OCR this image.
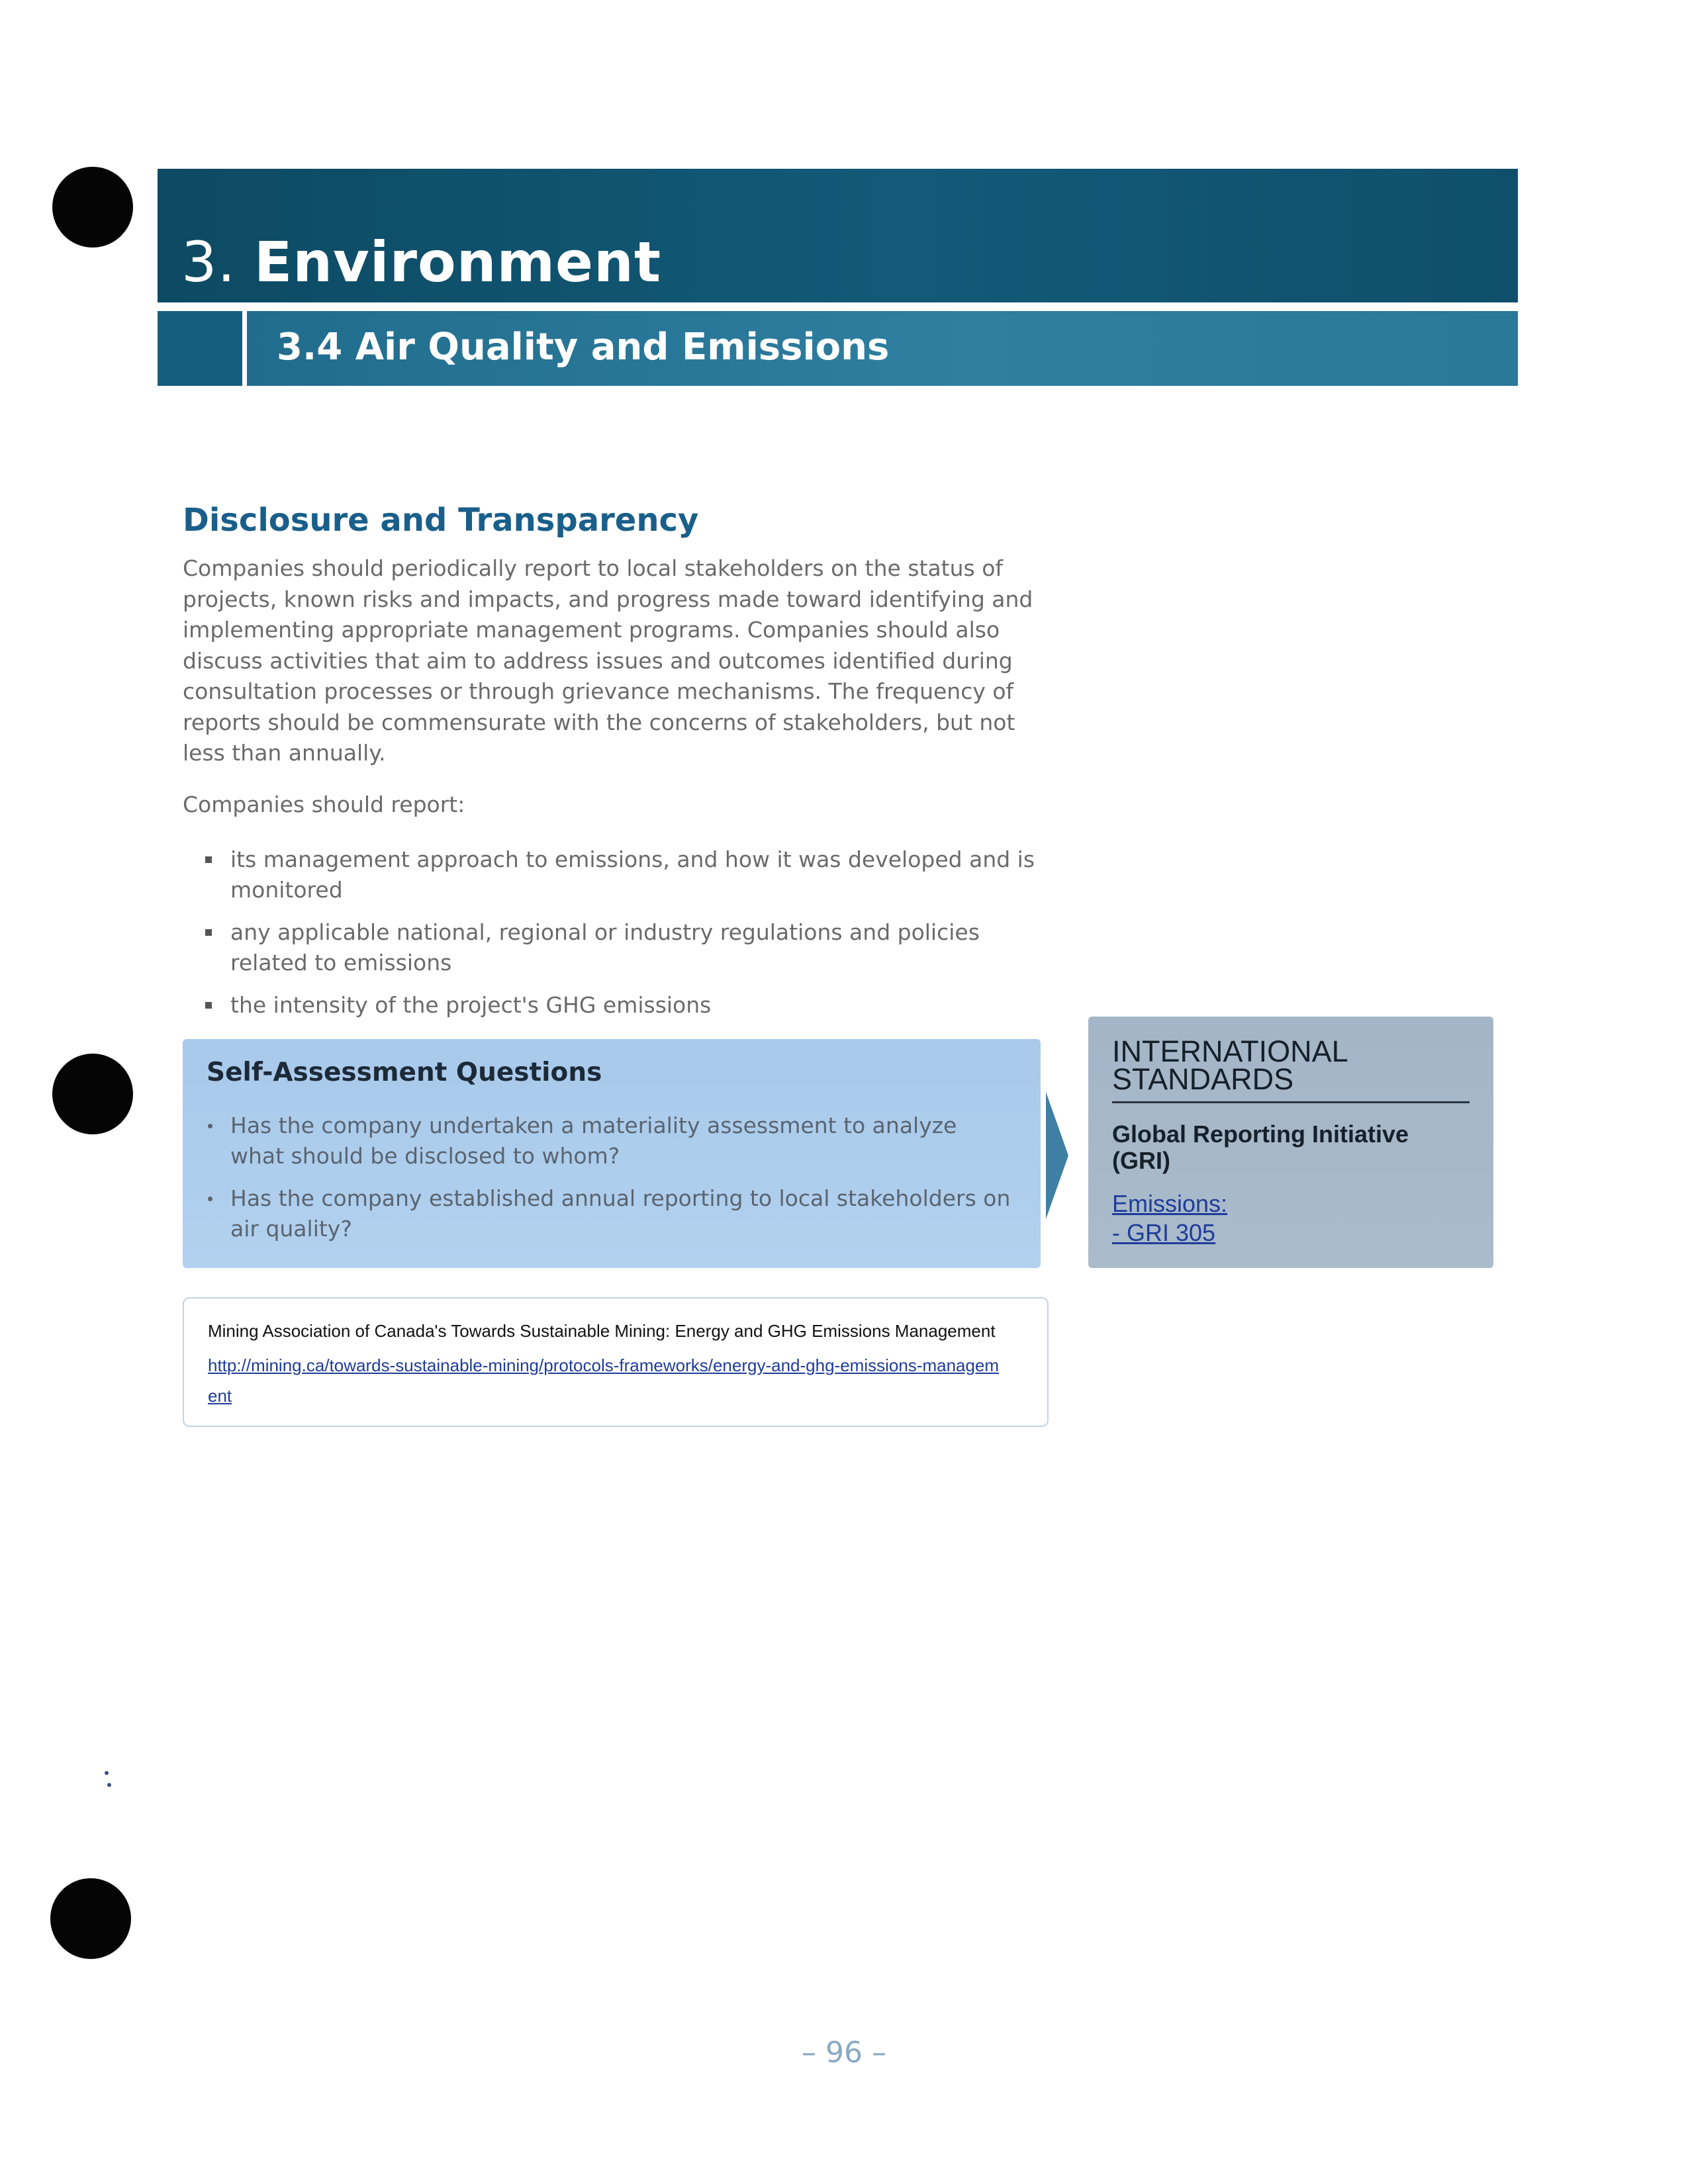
3. Environment
3.4 Air Quality and Emissions
Disclosure and Transparency

Companies should periodically report to local stakeholders on the status of projects, known risks and impacts, and progress made toward identifying and implementing appropriate management programs. Companies should also discuss activities that aim to address issues and outcomes identified during consultation processes or through grievance mechanisms. The frequency of reports should be commensurate with the concerns of stakeholders, but not less than annually.

Companies should report:
its management approach to emissions, and how it was developed and is monitored
any applicable national, regional or industry regulations and policies related to emissions
the intensity of the project's GHG emissions
Self-Assessment Questions
Has the company undertaken a materiality assessment to analyze what should be disclosed to whom?
Has the company established annual reporting to local stakeholders on air quality?
INTERNATIONAL STANDARDS
Global Reporting Initiative (GRI)
Emissions:
- GRI 305
Mining Association of Canada's Towards Sustainable Mining: Energy and GHG Emissions Management
http://mining.ca/towards-sustainable-mining/protocols-frameworks/energy-and-ghg-emissions-management
– 96 –
